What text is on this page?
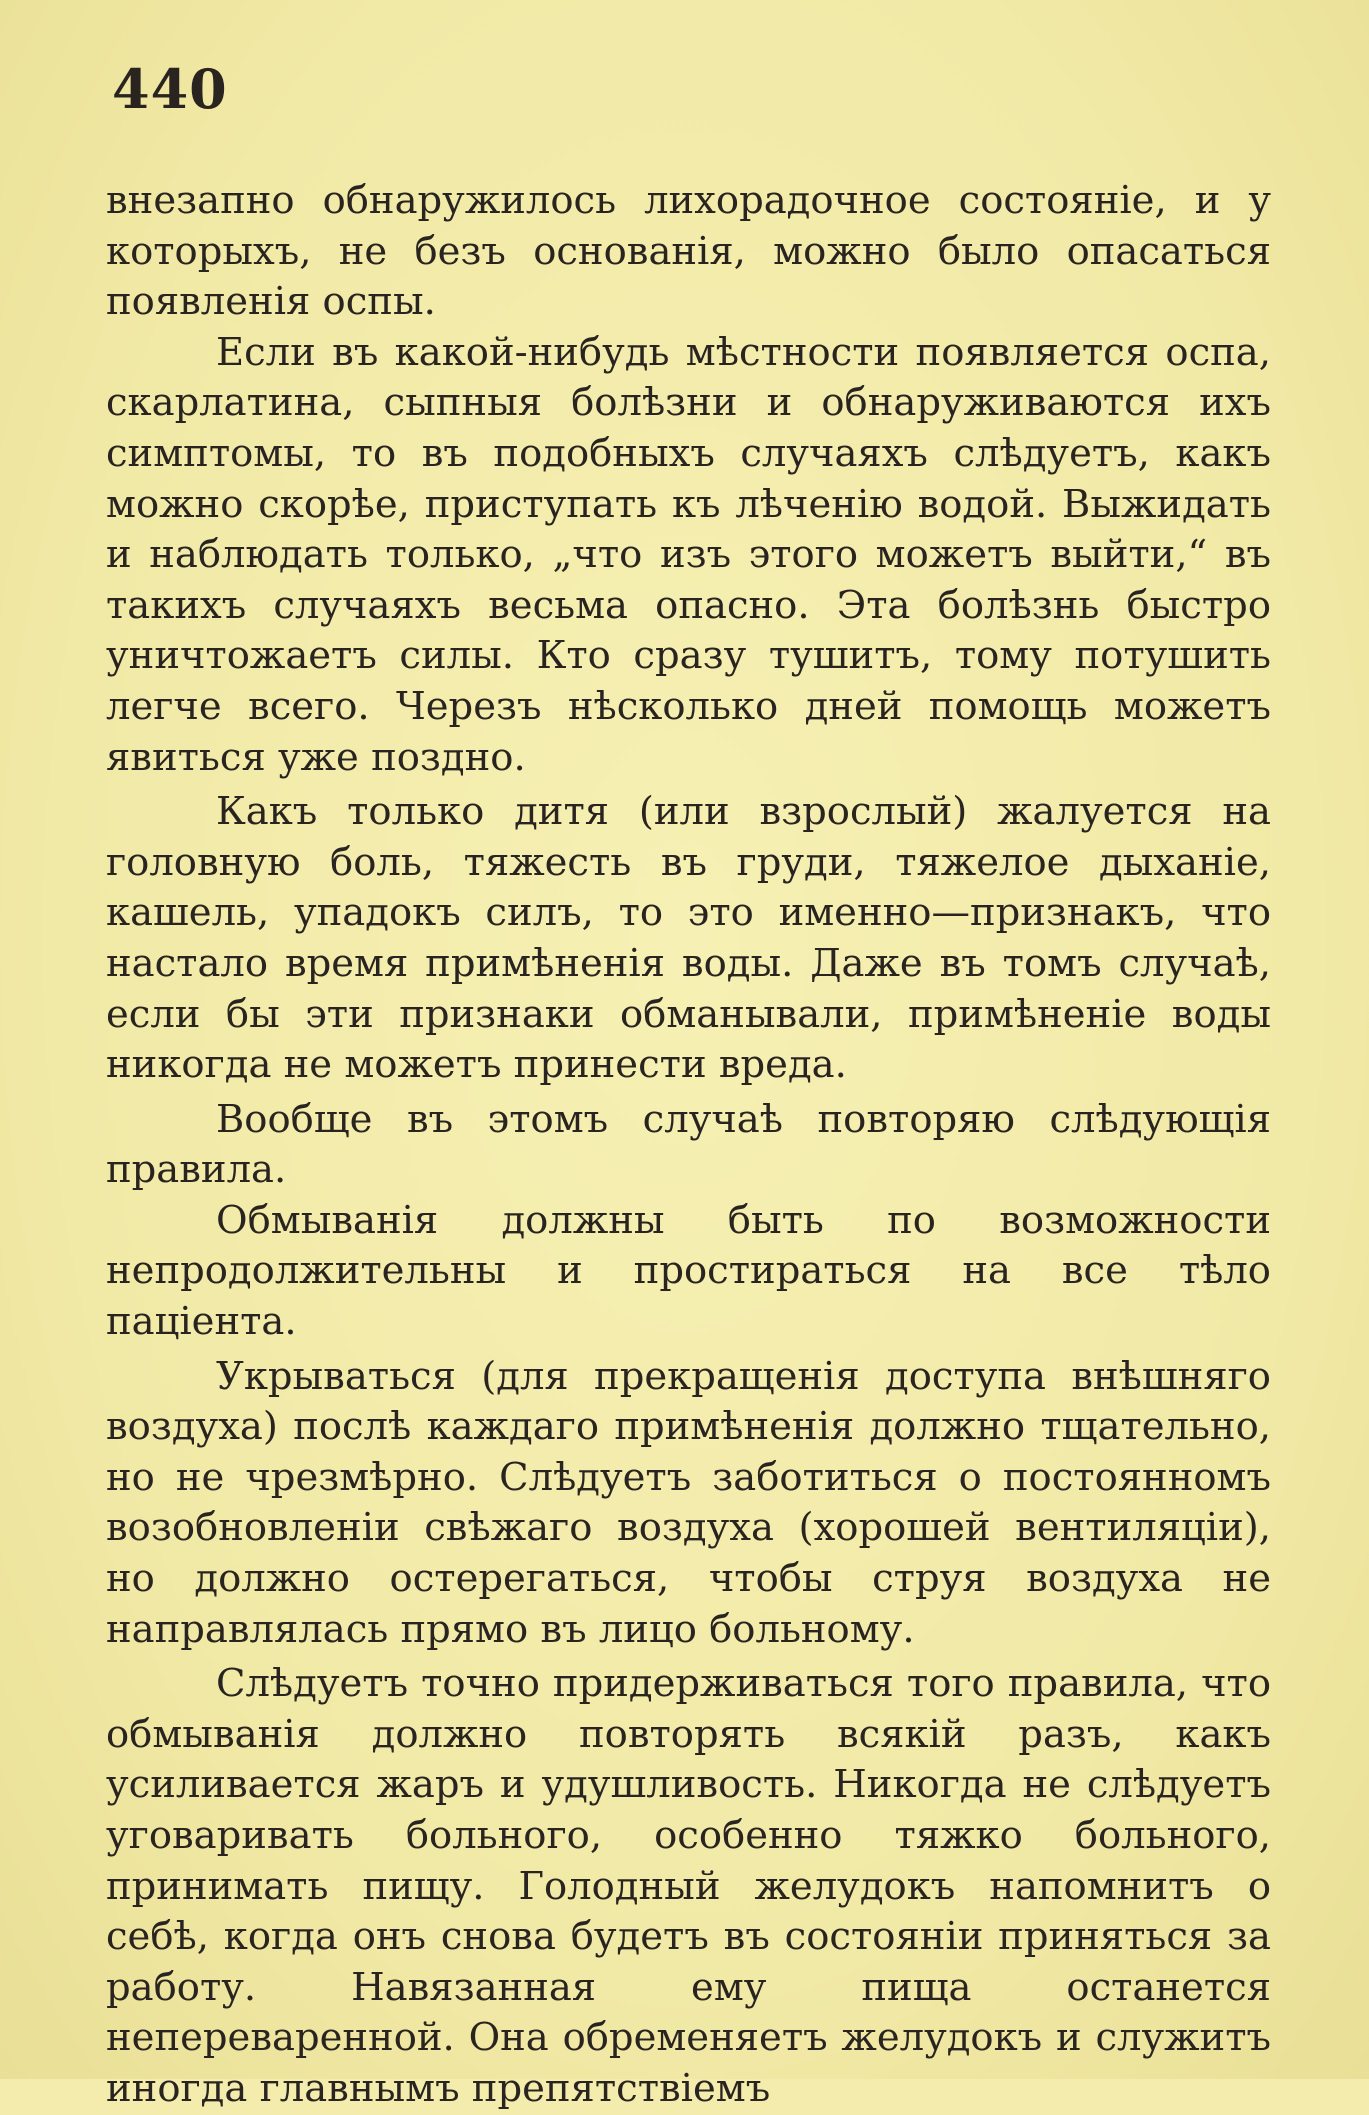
440

внезапно обнаружилось лихорадочное состояніе, и у которыхъ, не безъ основанія, можно было опасаться появленія оспы.

Если въ какой-нибудь мѣстности появляется оспа, скарлатина, сыпныя болѣзни и обнаруживаются ихъ симптомы, то въ подобныхъ случаяхъ слѣдуетъ, какъ можно скорѣе, приступать къ лѣченію водой. Выжидать и наблюдать только, „что изъ этого можетъ выйти,“ въ такихъ случаяхъ весьма опасно. Эта болѣзнь быстро уничтожаетъ силы. Кто сразу тушитъ, тому потушить легче всего. Черезъ нѣсколько дней помощь можетъ явиться уже поздно.

Какъ только дитя (или взрослый) жалуется на головную боль, тяжесть въ груди, тяжелое дыханіе, кашель, упадокъ силъ, то это именно—признакъ, что настало время примѣненія воды. Даже въ томъ случаѣ, если бы эти признаки обманывали, примѣненіе воды никогда не можетъ принести вреда.

Вообще въ этомъ случаѣ повторяю слѣдующія правила.

Обмыванія должны быть по возможности непродолжительны и простираться на все тѣло паціента.

Укрываться (для прекращенія доступа внѣшняго воздуха) послѣ каждаго примѣненія должно тщательно, но не чрезмѣрно. Слѣдуетъ заботиться о постоянномъ возобновленіи свѣжаго воздуха (хорошей вентиляціи), но должно остерегаться, чтобы струя воздуха не направлялась прямо въ лицо больному.

Слѣдуетъ точно придерживаться того правила, что обмыванія должно повторять всякій разъ, какъ усиливается жаръ и удушливость. Никогда не слѣдуетъ уговаривать больного, особенно тяжко больного, принимать пищу. Голодный желудокъ напомнитъ о себѣ, когда онъ снова будетъ въ состояніи приняться за работу. Навязанная ему пища останется непереваренной. Она обременяетъ желудокъ и служитъ иногда главнымъ препятствіемъ
